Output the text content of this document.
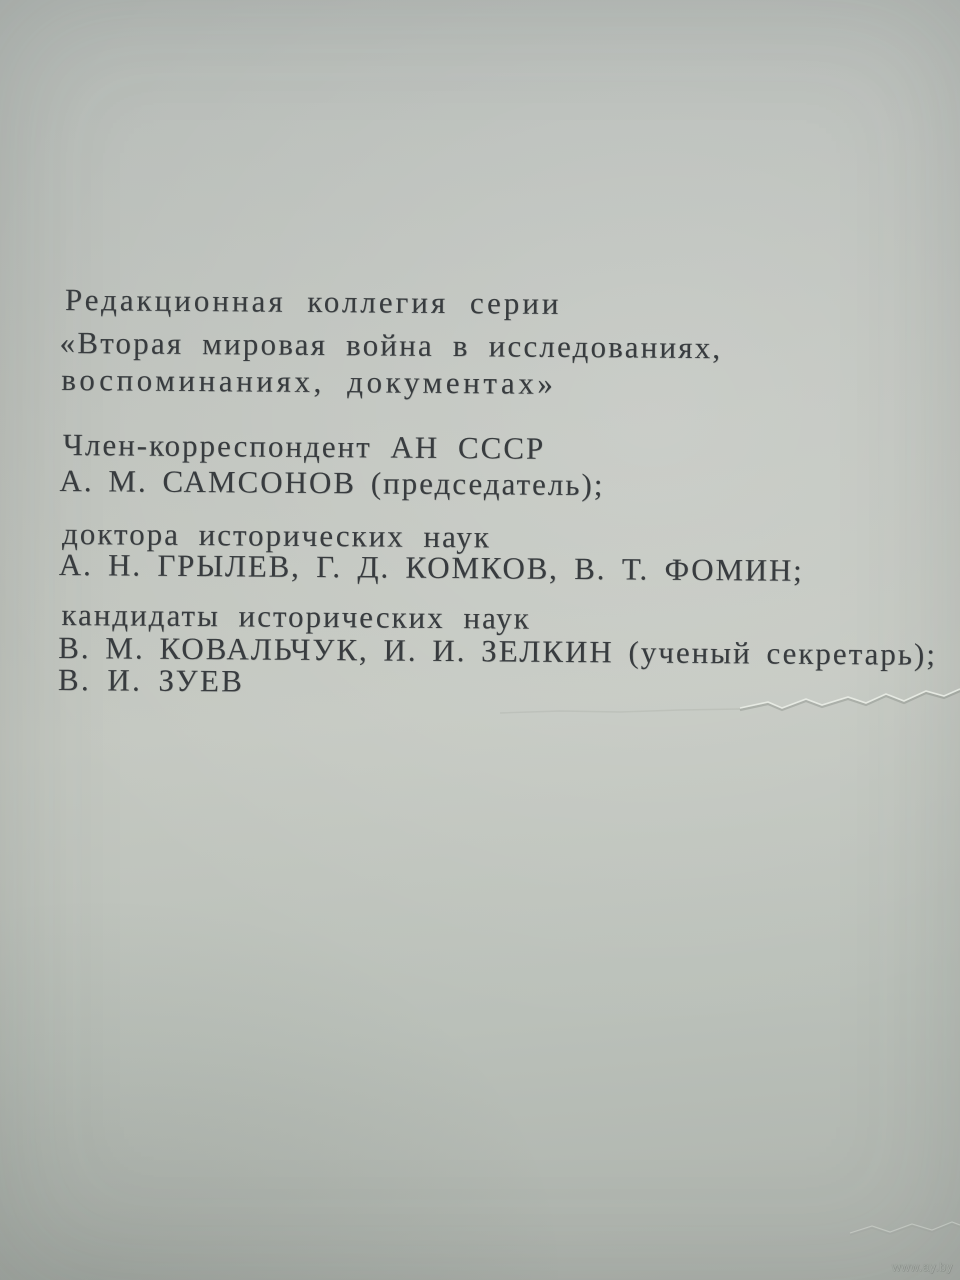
Редакционная коллегия серии
«Вторая мировая война в исследованиях,
воспоминаниях, документах»
Член-корреспондент АН СССР
А. М. САМСОНОВ (председатель);
доктора исторических наук
А. Н. ГРЫЛЕВ, Г. Д. КОМКОВ, В. Т. ФОМИН;
кандидаты исторических наук
В. М. КОВАЛЬЧУК, И. И. ЗЕЛКИН (ученый секретарь);
В. И. ЗУЕВ
www.ay.by
